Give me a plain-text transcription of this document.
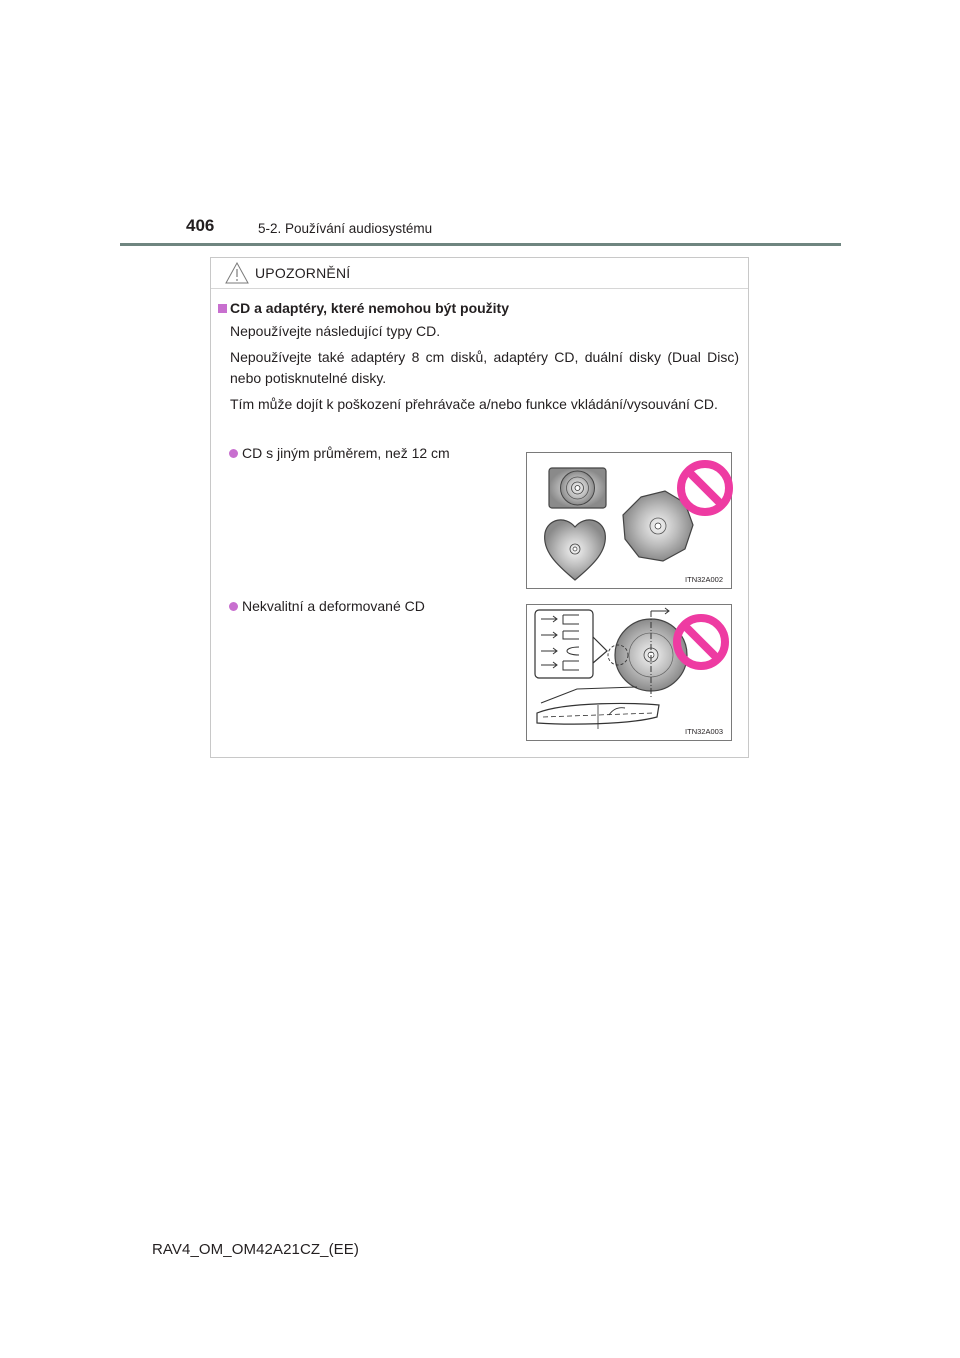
406	5-2. Používání audiosystému
UPOZORNĚNÍ
CD a adaptéry, které nemohou být použity
Nepoužívejte následující typy CD.
Nepoužívejte také adaptéry 8 cm disků, adaptéry CD, duální disky (Dual Disc) nebo potisknutelné disky.
Tím může dojít k poškození přehrávače a/nebo funkce vkládání/vysouvání CD.
CD s jiným průměrem, než 12 cm
ITN32A002
Nekvalitní a deformované CD
ITN32A003
RAV4_OM_OM42A21CZ_(EE)
